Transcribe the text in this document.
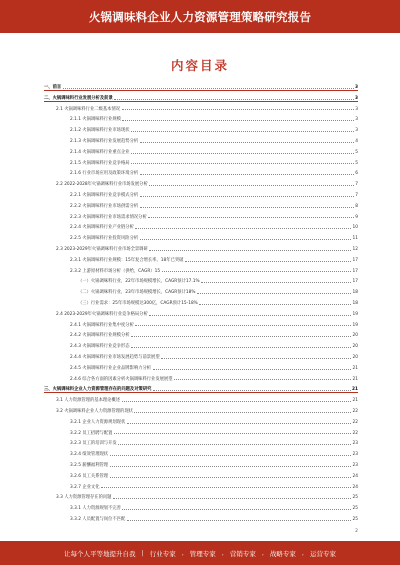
火锅调味料企业人力资源管理策略研究报告
内容目录
一、前言	3
二、火锅调味料行业发展分析及前景	3
2.1 火锅调味料行业二级基本情况	3
2.1.1 火锅调味料行业规模	3
2.1.2 火锅调味料行业市场现状	3
2.1.3 火锅调味料行业发展趋势分析	4
2.1.4 火锅调味料行业重点企业	5
2.1.5 火锅调味料行业竞争格局	5
2.1.6 行业市场应用及政策环境分析	6
2.2 2022-2028年火锅调味料行业市场发展分析	7
2.2.1 火锅调味料行业竞争模式分析	7
2.2.2 火锅调味料行业市场供需分析	8
2.2.3 火锅调味料行业市场需求情况分析	9
2.2.4 火锅调味料行业产业链分析	10
2.2.5 火锅调味料行业投资风险分析	11
2.3 2023-2029年火锅调味料行业市场全景调研	12
2.3.1 火锅调味料行业规模：15年复合增长率，18年已突破	17
2.3.2 上游原材料市场分析（供给，CAGR）15	17
（一）火锅调味料行业，22年市场规模增长，CAGR预计17.1%	17
（二）火锅调味料行业，23年市场规模增长，CAGR预计18%	18
（三）行业需求：25年市场规模达300亿，CAGR预计15-18%	18
2.4 2023-2029年火锅调味料行业竞争格局分析	19
2.4.1 火锅调味料行业集中度分析	19
2.4.2 火锅调味料行业规模分析	20
2.4.3 火锅调味料行业竞争形态	20
2.4.4 火锅调味料行业市场发展趋势与前景展望	20
2.4.5 火锅调味料行业企业品牌影响力分析	21
2.4.6 综合各方面的因素分析火锅调味料行业发展展望	21
三、火锅调味料企业人力资源管理存在的问题及对策研究	21
3.1 人力资源管理的基本理论概述	21
3.2 火锅调味料企业人力资源管理的现状	22
3.2.1 企业人力资源规划现状	22
3.2.2 员工招聘与配置	22
3.2.3 员工的培训与开发	23
3.2.4 绩效管理现状	23
3.2.5 薪酬福利管理	23
3.2.6 员工关系管理	24
3.2.7 企业文化	24
3.3 人力资源管理存在的问题	25
3.3.1 人力资源规划不完善	25
3.3.2 人员配置与岗位不匹配	25
2
让每个人平等地提升自我 | 行业专家 , 管理专家 , 营销专家 , 战略专家 , 运营专家
